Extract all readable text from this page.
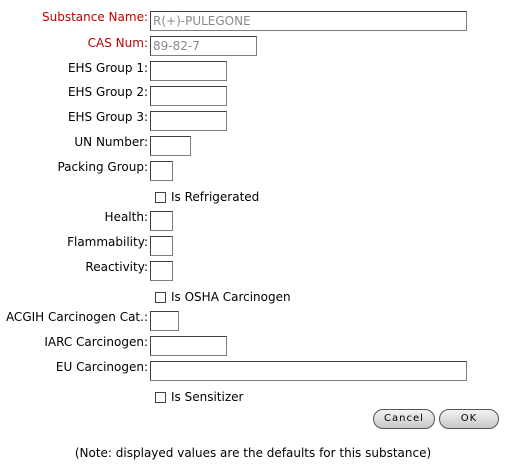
Substance Name: R(+)-PULEGONE
CAS Num: 89-82-7
EHS Group 1:
EHS Group 2:
EHS Group 3:
UN Number:
Packing Group:
Is Refrigerated
Health:
Flammability:
Reactivity:
Is OSHA Carcinogen
ACGIH Carcinogen Cat.:
IARC Carcinogen:
EU Carcinogen:
Is Sensitizer
Cancel	OK
(Note: displayed values are the defaults for this substance)
